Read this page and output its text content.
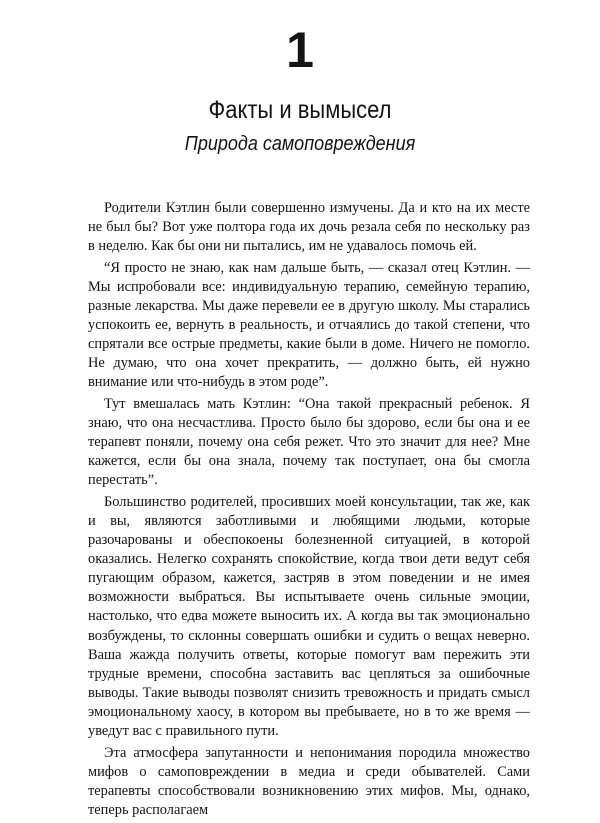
1
Факты и вымысел
Природа самоповреждения

Родители Кэтлин были совершенно измучены. Да и кто на их месте не был бы? Вот уже полтора года их дочь резала себя по нескольку раз в неделю. Как бы они ни пытались, им не удавалось помочь ей.

“Я просто не знаю, как нам дальше быть, — сказал отец Кэтлин. — Мы испробовали все: индивидуальную терапию, семейную терапию, разные лекарства. Мы даже перевели ее в другую школу. Мы старались успокоить ее, вернуть в реальность, и отчаялись до такой степени, что спрятали все острые предметы, какие были в доме. Ничего не помогло. Не думаю, что она хочет прекратить, — должно быть, ей нужно внимание или что-нибудь в этом роде”.

Тут вмешалась мать Кэтлин: “Она такой прекрасный ребенок. Я знаю, что она несчастлива. Просто было бы здорово, если бы она и ее терапевт поняли, почему она себя режет. Что это значит для нее? Мне кажется, если бы она знала, почему так поступает, она бы смогла перестать”.

Большинство родителей, просивших моей консультации, так же, как и вы, являются заботливыми и любящими людьми, которые разочарованы и обеспокоены болезненной ситуацией, в которой оказались. Нелегко сохранять спокойствие, когда твои дети ведут себя пугающим образом, кажется, застряв в этом поведении и не имея возможности выбраться. Вы испытываете очень сильные эмоции, настолько, что едва можете выносить их. А когда вы так эмоционально возбуждены, то склонны совершать ошибки и судить о вещах неверно. Ваша жажда получить ответы, которые помогут вам пережить эти трудные времени, способна заставить вас цепляться за ошибочные выводы. Такие выводы позволят снизить тревожность и придать смысл эмоциональному хаосу, в котором вы пребываете, но в то же время — уведут вас с правильного пути.

Эта атмосфера запутанности и непонимания породила множество мифов о самоповреждении в медиа и среди обывателей. Сами терапевты способствовали возникновению этих мифов. Мы, однако, теперь располагаем
